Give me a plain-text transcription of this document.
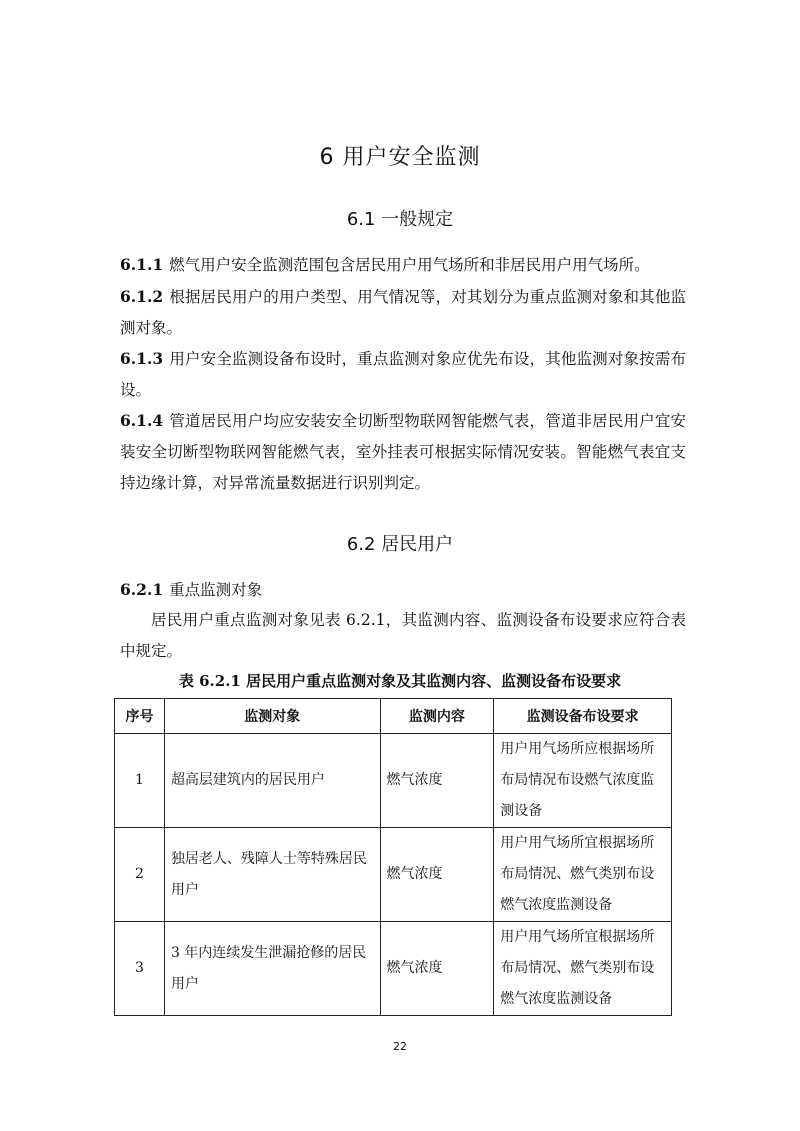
6 用户安全监测
6.1 一般规定
6.1.1 燃气用户安全监测范围包含居民用户用气场所和非居民用户用气场所。
6.1.2 根据居民用户的用户类型、用气情况等，对其划分为重点监测对象和其他监测对象。
6.1.3 用户安全监测设备布设时，重点监测对象应优先布设，其他监测对象按需布设。
6.1.4 管道居民用户均应安装安全切断型物联网智能燃气表，管道非居民用户宜安装安全切断型物联网智能燃气表，室外挂表可根据实际情况安装。智能燃气表宜支持边缘计算，对异常流量数据进行识别判定。
6.2 居民用户
6.2.1 重点监测对象
居民用户重点监测对象见表 6.2.1，其监测内容、监测设备布设要求应符合表中规定。
表 6.2.1 居民用户重点监测对象及其监测内容、监测设备布设要求
序号	监测对象	监测内容	监测设备布设要求
1	超高层建筑内的居民用户	燃气浓度	用户用气场所应根据场所布局情况布设燃气浓度监测设备
2	独居老人、残障人士等特殊居民用户	燃气浓度	用户用气场所宜根据场所布局情况、燃气类别布设燃气浓度监测设备
3	3 年内连续发生泄漏抢修的居民用户	燃气浓度	用户用气场所宜根据场所布局情况、燃气类别布设燃气浓度监测设备
22
